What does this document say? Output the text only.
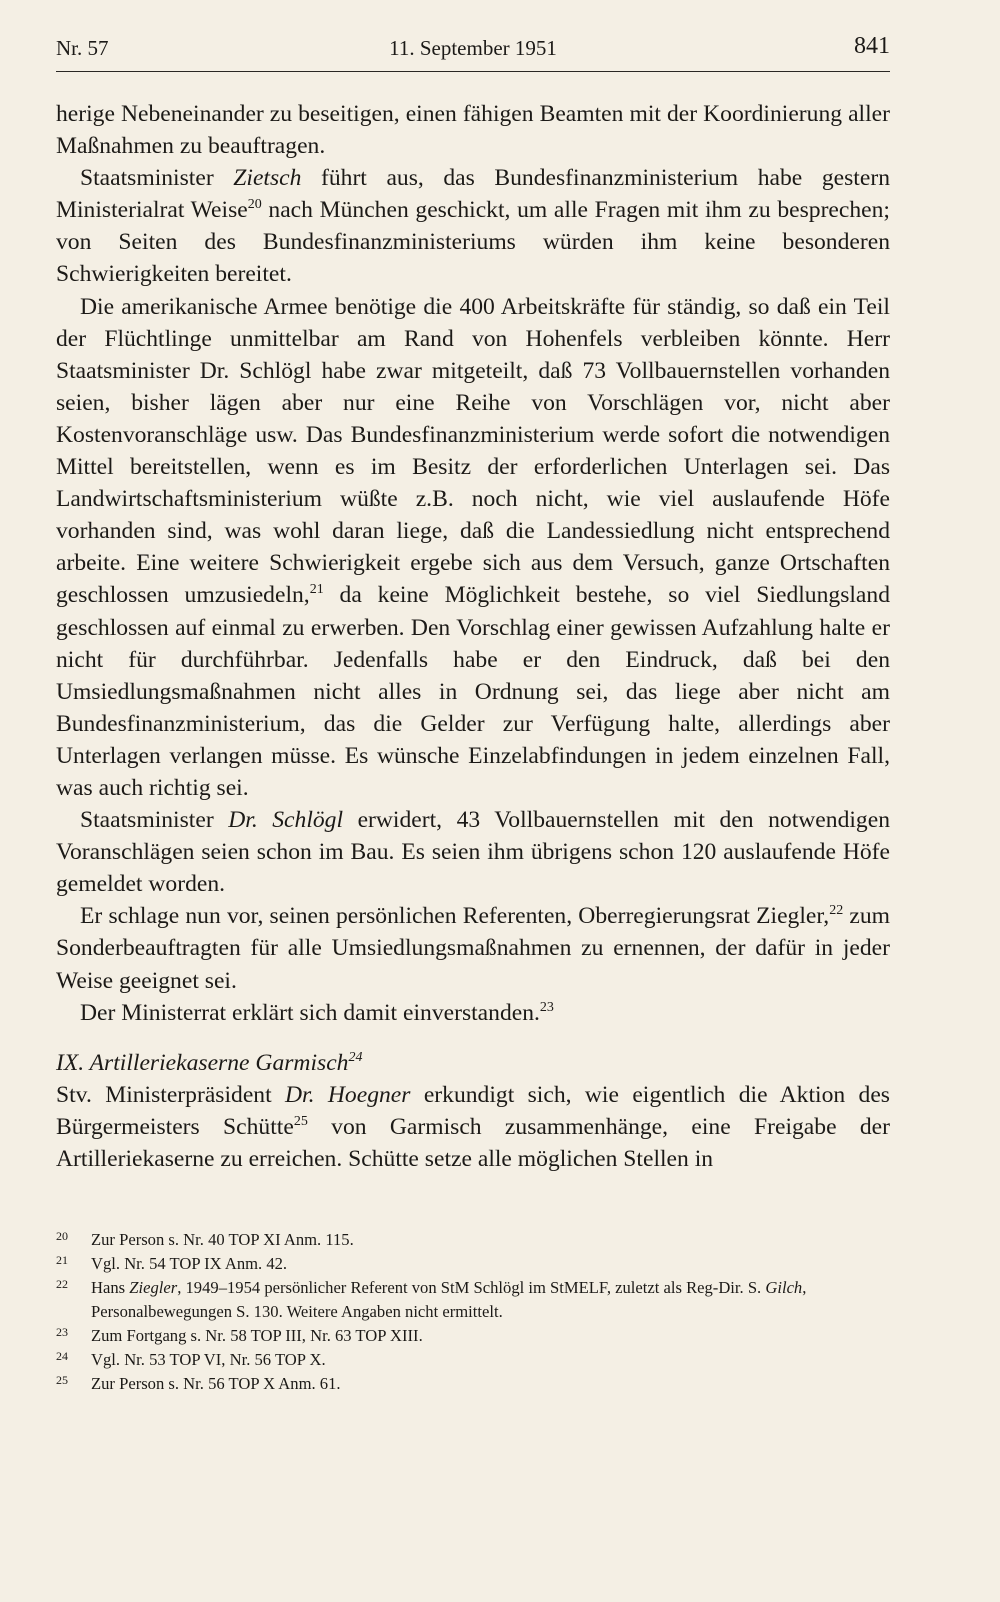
Nr. 57	11. September 1951	841

herige Nebeneinander zu beseitigen, einen fähigen Beamten mit der Koordinierung aller Maßnahmen zu beauftragen.

Staatsminister Zietsch führt aus, das Bundesfinanzministerium habe gestern Ministerialrat Weise$^{20}$ nach München geschickt, um alle Fragen mit ihm zu besprechen; von Seiten des Bundesfinanzministeriums würden ihm keine besonderen Schwierigkeiten bereitet.

Die amerikanische Armee benötige die 400 Arbeitskräfte für ständig, so daß ein Teil der Flüchtlinge unmittelbar am Rand von Hohenfels verbleiben könnte. Herr Staatsminister Dr. Schlögl habe zwar mitgeteilt, daß 73 Vollbauernstellen vorhanden seien, bisher lägen aber nur eine Reihe von Vorschlägen vor, nicht aber Kostenvoranschläge usw. Das Bundesfinanzministerium werde sofort die notwendigen Mittel bereitstellen, wenn es im Besitz der erforderlichen Unterlagen sei. Das Landwirtschaftsministerium wüßte z.B. noch nicht, wie viel auslaufende Höfe vorhanden sind, was wohl daran liege, daß die Landessiedlung nicht entsprechend arbeite. Eine weitere Schwierigkeit ergebe sich aus dem Versuch, ganze Ortschaften geschlossen umzusiedeln,$^{21}$ da keine Möglichkeit bestehe, so viel Siedlungsland geschlossen auf einmal zu erwerben. Den Vorschlag einer gewissen Aufzahlung halte er nicht für durchführbar. Jedenfalls habe er den Eindruck, daß bei den Umsiedlungsmaßnahmen nicht alles in Ordnung sei, das liege aber nicht am Bundesfinanzministerium, das die Gelder zur Verfügung halte, allerdings aber Unterlagen verlangen müsse. Es wünsche Einzelabfindungen in jedem einzelnen Fall, was auch richtig sei.

Staatsminister Dr. Schlögl erwidert, 43 Vollbauernstellen mit den notwendigen Voranschlägen seien schon im Bau. Es seien ihm übrigens schon 120 auslaufende Höfe gemeldet worden.

Er schlage nun vor, seinen persönlichen Referenten, Oberregierungsrat Ziegler,$^{22}$ zum Sonderbeauftragten für alle Umsiedlungsmaßnahmen zu ernennen, der dafür in jeder Weise geeignet sei.

Der Ministerrat erklärt sich damit einverstanden.$^{23}$

IX. Artilleriekaserne Garmisch$^{24}$

Stv. Ministerpräsident Dr. Hoegner erkundigt sich, wie eigentlich die Aktion des Bürgermeisters Schütte$^{25}$ von Garmisch zusammenhänge, eine Freigabe der Artilleriekaserne zu erreichen. Schütte setze alle möglichen Stellen in

20 Zur Person s. Nr. 40 TOP XI Anm. 115.
21 Vgl. Nr. 54 TOP IX Anm. 42.
22 Hans Ziegler, 1949–1954 persönlicher Referent von StM Schlögl im StMELF, zuletzt als Reg-Dir. S. Gilch, Personalbewegungen S. 130. Weitere Angaben nicht ermittelt.
23 Zum Fortgang s. Nr. 58 TOP III, Nr. 63 TOP XIII.
24 Vgl. Nr. 53 TOP VI, Nr. 56 TOP X.
25 Zur Person s. Nr. 56 TOP X Anm. 61.
